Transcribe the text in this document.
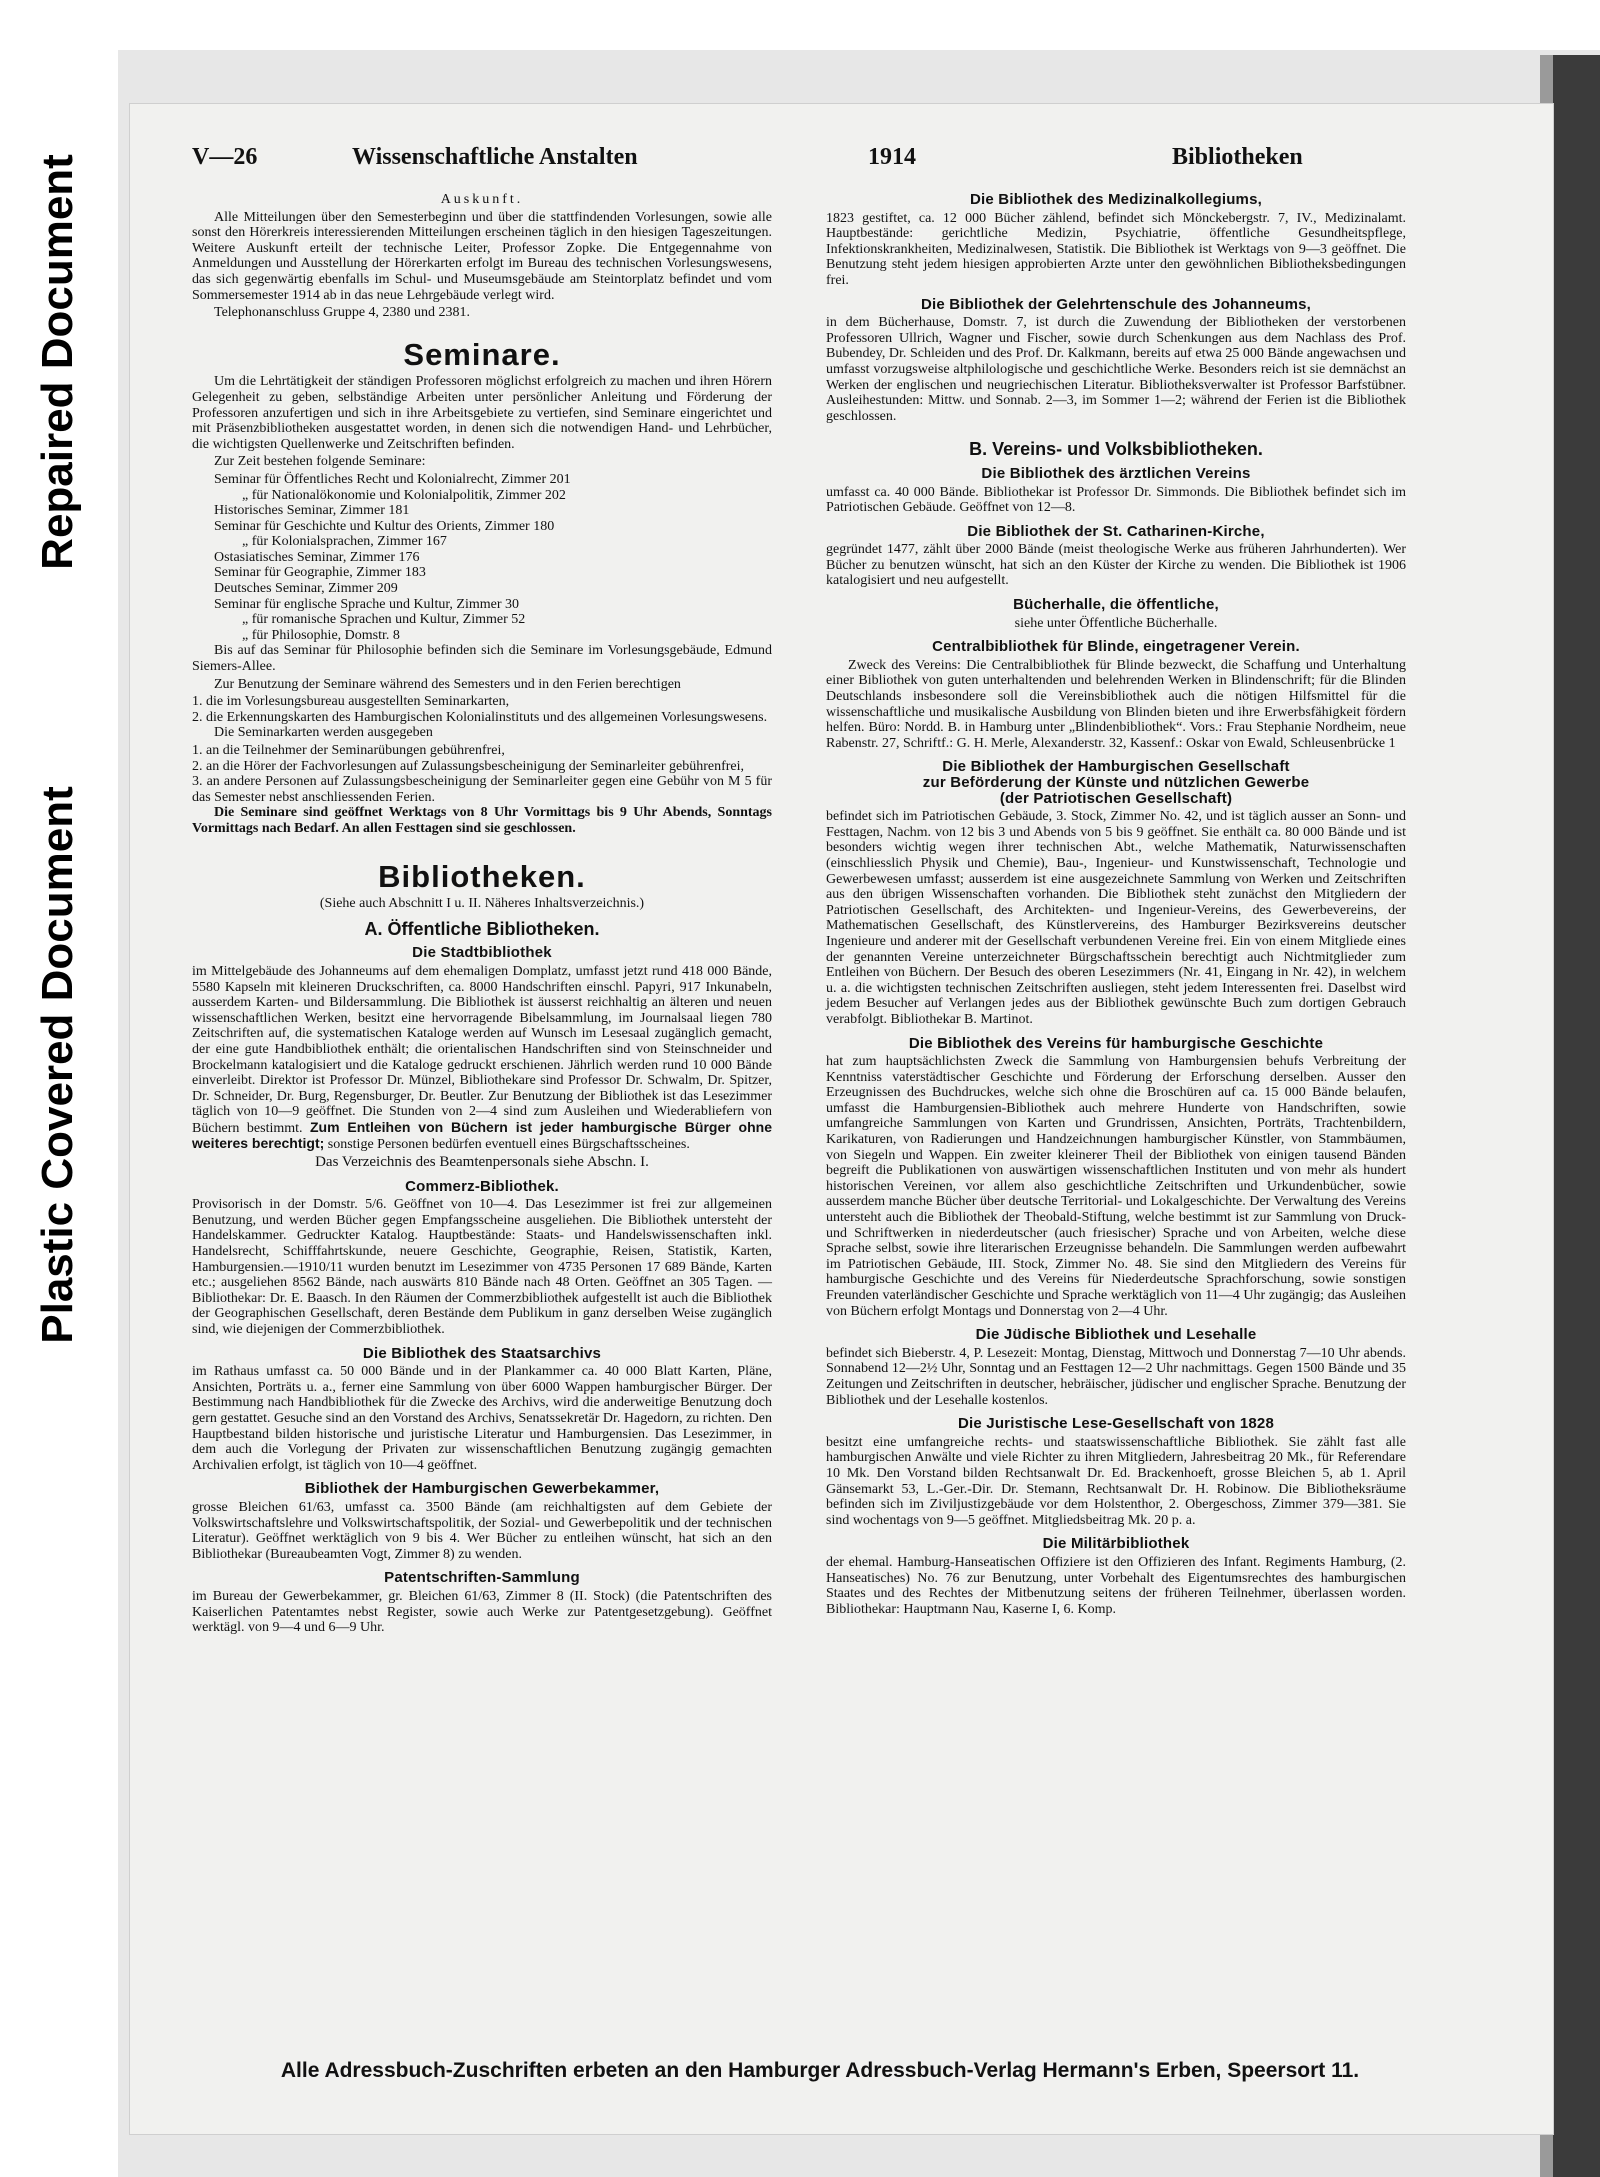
Repaired Document
Plastic Covered Document
V—26	Wissenschaftliche Anstalten	1914	Bibliotheken

Auskunft.

Alle Mitteilungen über den Semesterbeginn und über die stattfindenden Vorlesungen, sowie alle sonst den Hörerkreis interessierenden Mitteilungen erscheinen täglich in den hiesigen Tageszeitungen. Weitere Auskunft erteilt der technische Leiter, Professor Zopke. Die Entgegennahme von Anmeldungen und Ausstellung der Hörerkarten erfolgt im Bureau des technischen Vorlesungswesens, das sich gegenwärtig ebenfalls im Schul- und Museumsgebäude am Steintorplatz befindet und vom Sommersemester 1914 ab in das neue Lehrgebäude verlegt wird.

Telephonanschluss Gruppe 4, 2380 und 2381.

Seminare.

Um die Lehrtätigkeit der ständigen Professoren möglichst erfolgreich zu machen und ihren Hörern Gelegenheit zu geben, selbständige Arbeiten unter persönlicher Anleitung und Förderung der Professoren anzufertigen und sich in ihre Arbeitsgebiete zu vertiefen, sind Seminare eingerichtet und mit Präsenzbibliotheken ausgestattet worden, in denen sich die notwendigen Hand- und Lehrbücher, die wichtigsten Quellenwerke und Zeitschriften befinden.

Zur Zeit bestehen folgende Seminare:

Seminar für Öffentliches Recht und Kolonialrecht, Zimmer 201

„ für Nationalökonomie und Kolonialpolitik, Zimmer 202

Historisches Seminar, Zimmer 181

Seminar für Geschichte und Kultur des Orients, Zimmer 180

„ für Kolonialsprachen, Zimmer 167

Ostasiatisches Seminar, Zimmer 176

Seminar für Geographie, Zimmer 183

Deutsches Seminar, Zimmer 209

Seminar für englische Sprache und Kultur, Zimmer 30

„ für romanische Sprachen und Kultur, Zimmer 52

„ für Philosophie, Domstr. 8

Bis auf das Seminar für Philosophie befinden sich die Seminare im Vorlesungsgebäude, Edmund Siemers-Allee.

Zur Benutzung der Seminare während des Semesters und in den Ferien berechtigen

1. die im Vorlesungsbureau ausgestellten Seminarkarten,

2. die Erkennungskarten des Hamburgischen Kolonialinstituts und des allgemeinen Vorlesungswesens.

Die Seminarkarten werden ausgegeben

1. an die Teilnehmer der Seminarübungen gebührenfrei,

2. an die Hörer der Fachvorlesungen auf Zulassungsbescheinigung der Seminarleiter gebührenfrei,

3. an andere Personen auf Zulassungsbescheinigung der Seminarleiter gegen eine Gebühr von M 5 für das Semester nebst anschliessenden Ferien.

Die Seminare sind geöffnet Werktags von 8 Uhr Vormittags bis 9 Uhr Abends, Sonntags Vormittags nach Bedarf. An allen Festtagen sind sie geschlossen.

Bibliotheken.

(Siehe auch Abschnitt I u. II. Näheres Inhaltsverzeichnis.)

A. Öffentliche Bibliotheken.
Die Stadtbibliothek

im Mittelgebäude des Johanneums auf dem ehemaligen Domplatz, umfasst jetzt rund 418 000 Bände, 5580 Kapseln mit kleineren Druckschriften, ca. 8000 Handschriften einschl. Papyri, 917 Inkunabeln, ausserdem Karten- und Bildersammlung. Die Bibliothek ist äusserst reichhaltig an älteren und neuen wissenschaftlichen Werken, besitzt eine hervorragende Bibelsammlung, im Journalsaal liegen 780 Zeitschriften auf, die systematischen Kataloge werden auf Wunsch im Lesesaal zugänglich gemacht, der eine gute Handbibliothek enthält; die orientalischen Handschriften sind von Steinschneider und Brockelmann katalogisiert und die Kataloge gedruckt erschienen. Jährlich werden rund 10 000 Bände einverleibt. Direktor ist Professor Dr. Münzel, Bibliothekare sind Professor Dr. Schwalm, Dr. Spitzer, Dr. Schneider, Dr. Burg, Regensburger, Dr. Beutler. Zur Benutzung der Bibliothek ist das Lesezimmer täglich von 10—9 geöffnet. Die Stunden von 2—4 sind zum Ausleihen und Wiederabliefern von Büchern bestimmt. Zum Entleihen von Büchern ist jeder hamburgische Bürger ohne weiteres berechtigt; sonstige Personen bedürfen eventuell eines Bürgschaftsscheines.

Das Verzeichnis des Beamtenpersonals siehe Abschn. I.

Commerz-Bibliothek.

Provisorisch in der Domstr. 5/6. Geöffnet von 10—4. Das Lesezimmer ist frei zur allgemeinen Benutzung, und werden Bücher gegen Empfangsscheine ausgeliehen. Die Bibliothek untersteht der Handelskammer. Gedruckter Katalog. Hauptbestände: Staats- und Handelswissenschaften inkl. Handelsrecht, Schifffahrtskunde, neuere Geschichte, Geographie, Reisen, Statistik, Karten, Hamburgensien.—1910/11 wurden benutzt im Lesezimmer von 4735 Personen 17 689 Bände, Karten etc.; ausgeliehen 8562 Bände, nach auswärts 810 Bände nach 48 Orten. Geöffnet an 305 Tagen. — Bibliothekar: Dr. E. Baasch. In den Räumen der Commerzbibliothek aufgestellt ist auch die Bibliothek der Geographischen Gesellschaft, deren Bestände dem Publikum in ganz derselben Weise zugänglich sind, wie diejenigen der Commerzbibliothek.

Die Bibliothek des Staatsarchivs

im Rathaus umfasst ca. 50 000 Bände und in der Plankammer ca. 40 000 Blatt Karten, Pläne, Ansichten, Porträts u. a., ferner eine Sammlung von über 6000 Wappen hamburgischer Bürger. Der Bestimmung nach Handbibliothek für die Zwecke des Archivs, wird die anderweitige Benutzung doch gern gestattet. Gesuche sind an den Vorstand des Archivs, Senatssekretär Dr. Hagedorn, zu richten. Den Hauptbestand bilden historische und juristische Literatur und Hamburgensien. Das Lesezimmer, in dem auch die Vorlegung der Privaten zur wissenschaftlichen Benutzung zugängig gemachten Archivalien erfolgt, ist täglich von 10—4 geöffnet.

Bibliothek der Hamburgischen Gewerbekammer,

grosse Bleichen 61/63, umfasst ca. 3500 Bände (am reichhaltigsten auf dem Gebiete der Volkswirtschaftslehre und Volkswirtschaftspolitik, der Sozial- und Gewerbepolitik und der technischen Literatur). Geöffnet werktäglich von 9 bis 4. Wer Bücher zu entleihen wünscht, hat sich an den Bibliothekar (Bureaubeamten Vogt, Zimmer 8) zu wenden.

Patentschriften-Sammlung

im Bureau der Gewerbekammer, gr. Bleichen 61/63, Zimmer 8 (II. Stock) (die Patentschriften des Kaiserlichen Patentamtes nebst Register, sowie auch Werke zur Patentgesetzgebung). Geöffnet werktägl. von 9—4 und 6—9 Uhr.

Die Bibliothek des Medizinalkollegiums,

1823 gestiftet, ca. 12 000 Bücher zählend, befindet sich Mönckebergstr. 7, IV., Medizinalamt. Hauptbestände: gerichtliche Medizin, Psychiatrie, öffentliche Gesundheitspflege, Infektionskrankheiten, Medizinalwesen, Statistik. Die Bibliothek ist Werktags von 9—3 geöffnet. Die Benutzung steht jedem hiesigen approbierten Arzte unter den gewöhnlichen Bibliotheksbedingungen frei.

Die Bibliothek der Gelehrtenschule des Johanneums,

in dem Bücherhause, Domstr. 7, ist durch die Zuwendung der Bibliotheken der verstorbenen Professoren Ullrich, Wagner und Fischer, sowie durch Schenkungen aus dem Nachlass des Prof. Bubendey, Dr. Schleiden und des Prof. Dr. Kalkmann, bereits auf etwa 25 000 Bände angewachsen und umfasst vorzugsweise altphilologische und geschichtliche Werke. Besonders reich ist sie demnächst an Werken der englischen und neugriechischen Literatur. Bibliotheksverwalter ist Professor Barfstübner. Ausleihestunden: Mittw. und Sonnab. 2—3, im Sommer 1—2; während der Ferien ist die Bibliothek geschlossen.

B. Vereins- und Volksbibliotheken.
Die Bibliothek des ärztlichen Vereins

umfasst ca. 40 000 Bände. Bibliothekar ist Professor Dr. Simmonds. Die Bibliothek befindet sich im Patriotischen Gebäude. Geöffnet von 12—8.

Die Bibliothek der St. Catharinen-Kirche,

gegründet 1477, zählt über 2000 Bände (meist theologische Werke aus früheren Jahrhunderten). Wer Bücher zu benutzen wünscht, hat sich an den Küster der Kirche zu wenden. Die Bibliothek ist 1906 katalogisiert und neu aufgestellt.

Bücherhalle, die öffentliche,

siehe unter Öffentliche Bücherhalle.

Centralbibliothek für Blinde, eingetragener Verein.

Zweck des Vereins: Die Centralbibliothek für Blinde bezweckt, die Schaffung und Unterhaltung einer Bibliothek von guten unterhaltenden und belehrenden Werken in Blindenschrift; für die Blinden Deutschlands insbesondere soll die Vereinsbibliothek auch die nötigen Hilfsmittel für die wissenschaftliche und musikalische Ausbildung von Blinden bieten und ihre Erwerbsfähigkeit fördern helfen. Büro: Nordd. B. in Hamburg unter „Blindenbibliothek“. Vors.: Frau Stephanie Nordheim, neue Rabenstr. 27, Schriftf.: G. H. Merle, Alexanderstr. 32, Kassenf.: Oskar von Ewald, Schleusenbrücke 1

Die Bibliothek der Hamburgischen Gesellschaft
zur Beförderung der Künste und nützlichen Gewerbe
(der Patriotischen Gesellschaft)

befindet sich im Patriotischen Gebäude, 3. Stock, Zimmer No. 42, und ist täglich ausser an Sonn- und Festtagen, Nachm. von 12 bis 3 und Abends von 5 bis 9 geöffnet. Sie enthält ca. 80 000 Bände und ist besonders wichtig wegen ihrer technischen Abt., welche Mathematik, Naturwissenschaften (einschliesslich Physik und Chemie), Bau-, Ingenieur- und Kunstwissenschaft, Technologie und Gewerbewesen umfasst; ausserdem ist eine ausgezeichnete Sammlung von Werken und Zeitschriften aus den übrigen Wissenschaften vorhanden. Die Bibliothek steht zunächst den Mitgliedern der Patriotischen Gesellschaft, des Architekten- und Ingenieur-Vereins, des Gewerbevereins, der Mathematischen Gesellschaft, des Künstlervereins, des Hamburger Bezirksvereins deutscher Ingenieure und anderer mit der Gesellschaft verbundenen Vereine frei. Ein von einem Mitgliede eines der genannten Vereine unterzeichneter Bürgschaftsschein berechtigt auch Nichtmitglieder zum Entleihen von Büchern. Der Besuch des oberen Lesezimmers (Nr. 41, Eingang in Nr. 42), in welchem u. a. die wichtigsten technischen Zeitschriften ausliegen, steht jedem Interessenten frei. Daselbst wird jedem Besucher auf Verlangen jedes aus der Bibliothek gewünschte Buch zum dortigen Gebrauch verabfolgt. Bibliothekar B. Martinot.

Die Bibliothek des Vereins für hamburgische Geschichte

hat zum hauptsächlichsten Zweck die Sammlung von Hamburgensien behufs Verbreitung der Kenntniss vaterstädtischer Geschichte und Förderung der Erforschung derselben. Ausser den Erzeugnissen des Buchdruckes, welche sich ohne die Broschüren auf ca. 15 000 Bände belaufen, umfasst die Hamburgensien-Bibliothek auch mehrere Hunderte von Handschriften, sowie umfangreiche Sammlungen von Karten und Grundrissen, Ansichten, Porträts, Trachtenbildern, Karikaturen, von Radierungen und Handzeichnungen hamburgischer Künstler, von Stammbäumen, von Siegeln und Wappen. Ein zweiter kleinerer Theil der Bibliothek von einigen tausend Bänden begreift die Publikationen von auswärtigen wissenschaftlichen Instituten und von mehr als hundert historischen Vereinen, vor allem also geschichtliche Zeitschriften und Urkundenbücher, sowie ausserdem manche Bücher über deutsche Territorial- und Lokalgeschichte. Der Verwaltung des Vereins untersteht auch die Bibliothek der Theobald-Stiftung, welche bestimmt ist zur Sammlung von Druck- und Schriftwerken in niederdeutscher (auch friesischer) Sprache und von Arbeiten, welche diese Sprache selbst, sowie ihre literarischen Erzeugnisse behandeln. Die Sammlungen werden aufbewahrt im Patriotischen Gebäude, III. Stock, Zimmer No. 48. Sie sind den Mitgliedern des Vereins für hamburgische Geschichte und des Vereins für Niederdeutsche Sprachforschung, sowie sonstigen Freunden vaterländischer Geschichte und Sprache werktäglich von 11—4 Uhr zugängig; das Ausleihen von Büchern erfolgt Montags und Donnerstag von 2—4 Uhr.

Die Jüdische Bibliothek und Lesehalle

befindet sich Bieberstr. 4, P. Lesezeit: Montag, Dienstag, Mittwoch und Donnerstag 7—10 Uhr abends. Sonnabend 12—2½ Uhr, Sonntag und an Festtagen 12—2 Uhr nachmittags. Gegen 1500 Bände und 35 Zeitungen und Zeitschriften in deutscher, hebräischer, jüdischer und englischer Sprache. Benutzung der Bibliothek und der Lesehalle kostenlos.

Die Juristische Lese-Gesellschaft von 1828

besitzt eine umfangreiche rechts- und staatswissenschaftliche Bibliothek. Sie zählt fast alle hamburgischen Anwälte und viele Richter zu ihren Mitgliedern, Jahresbeitrag 20 Mk., für Referendare 10 Mk. Den Vorstand bilden Rechtsanwalt Dr. Ed. Brackenhoeft, grosse Bleichen 5, ab 1. April Gänsemarkt 53, L.-Ger.-Dir. Dr. Stemann, Rechtsanwalt Dr. H. Robinow. Die Bibliotheksräume befinden sich im Ziviljustizgebäude vor dem Holstenthor, 2. Obergeschoss, Zimmer 379—381. Sie sind wochentags von 9—5 geöffnet. Mitgliedsbeitrag Mk. 20 p. a.

Die Militärbibliothek

der ehemal. Hamburg-Hanseatischen Offiziere ist den Offizieren des Infant. Regiments Hamburg, (2. Hanseatisches) No. 76 zur Benutzung, unter Vorbehalt des Eigentumsrechtes des hamburgischen Staates und des Rechtes der Mitbenutzung seitens der früheren Teilnehmer, überlassen worden. Bibliothekar: Hauptmann Nau, Kaserne I, 6. Komp.

Alle Adressbuch-Zuschriften erbeten an den Hamburger Adressbuch-Verlag Hermann's Erben, Speersort 11.
